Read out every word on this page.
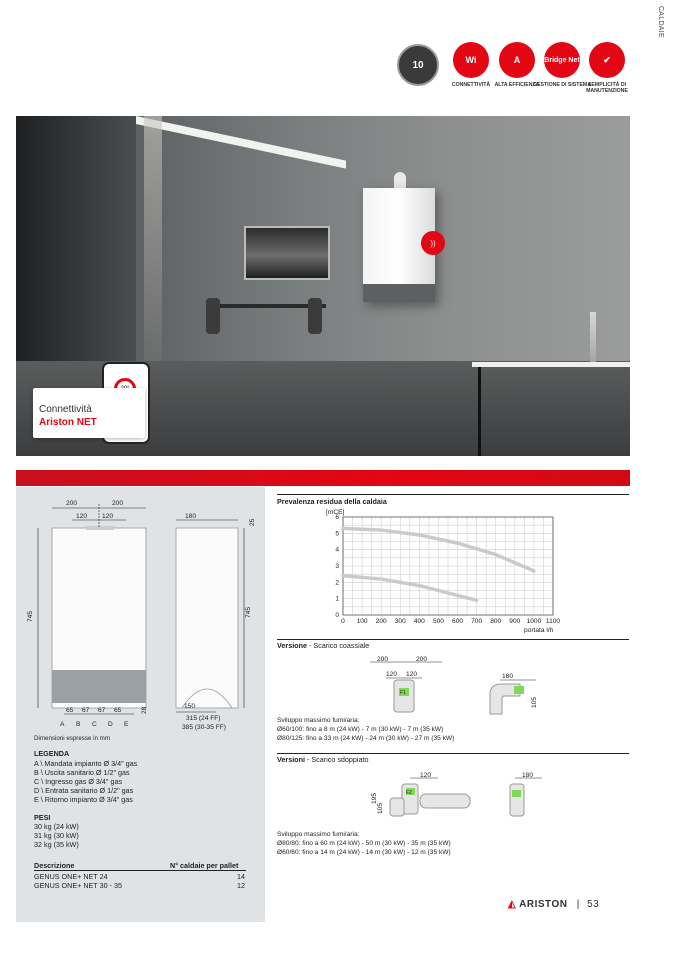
CALDAIE
10	Wi
CONNETTIVITÀ
A
ALTA EFFICIENZA
Bridge Net
GESTIONE DI SISTEMA
✔
SEMPLICITÀ DI MANUTENZIONE
))
Connettività
Ariston NET
200	200
120 120
745
65 67 67 65	28
A B C D E
180
25
745
150
315 (24 FF)
385 (30-35 FF)
Dimensioni espresse in mm
LEGENDA
A \ Mandata impianto Ø 3/4" gas
B \ Uscita sanitario Ø 1/2" gas
C \ Ingresso gas Ø 3/4" gas
D \ Entrata sanitario Ø 1/2" gas
E \ Ritorno impianto Ø 3/4" gas
PESI
30 kg (24 kW)
31 kg (30 kW)
32 kg (35 kW)
Descrizione	N° caldaie per pallet
GENUS ONE+ NET 24	14
GENUS ONE+ NET 30 - 35	12
Prevalenza residua della caldaia
[mCE]
portata l/h
0 100 200 300 400 500 600 700 800 900 1000 1100
0
1
2
3
4
5
6
Versione - Scarico coassiale
200	200
120 120
F1
180
105
Sviluppo massimo fumi/aria:
Ø60/100: fino a 8 m (24 kW) - 7 m (30 kW) - 7 m (35 kW)
Ø80/125: fino a 33 m (24 kW) - 24 m (30 kW) - 27 m (35 kW)
Versioni - Scarico sdoppiato
120
195
105
F2
180
Sviluppo massimo fumi/aria:
Ø80/80: fino a 60 m (24 kW) - 50 m (30 kW) - 35 m (35 kW)
Ø60/60: fino a 14 m (24 kW) - 14 m (30 kW) - 12 m (35 kW)
◭ ARISTON | 53
